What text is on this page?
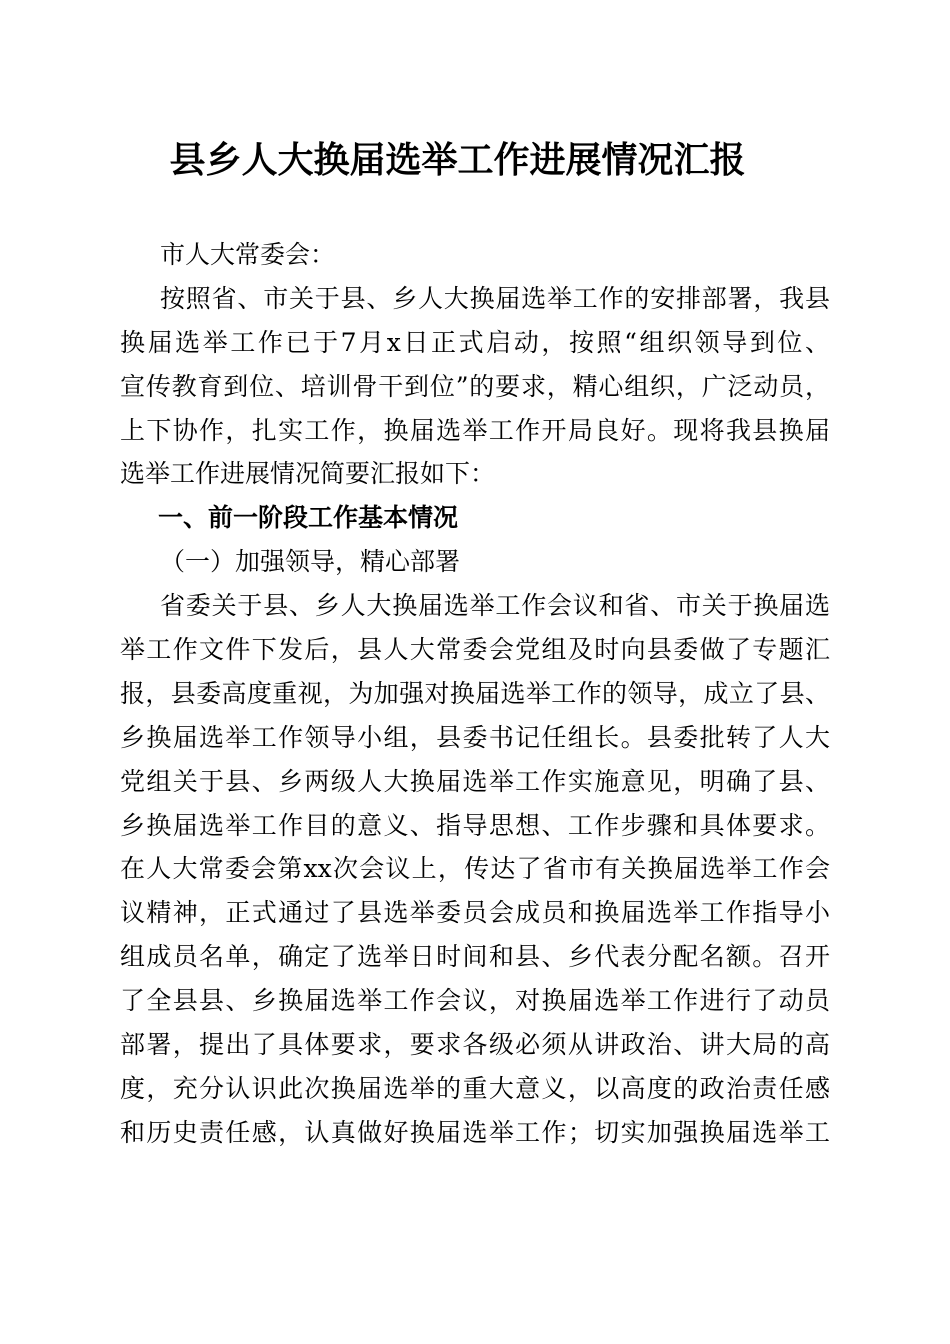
县乡人大换届选举工作进展情况汇报
市人大常委会：
按照省、市关于县、乡人大换届选举工作的安排部署，我县
换届选举工作已于7月x日正式启动，按照“组织领导到位、
宣传教育到位、培训骨干到位”的要求，精心组织，广泛动员，
上下协作，扎实工作，换届选举工作开局良好。现将我县换届
选举工作进展情况简要汇报如下：
一、前一阶段工作基本情况
（一）加强领导，精心部署
省委关于县、乡人大换届选举工作会议和省、市关于换届选
举工作文件下发后，县人大常委会党组及时向县委做了专题汇
报，县委高度重视，为加强对换届选举工作的领导，成立了县、
乡换届选举工作领导小组，县委书记任组长。县委批转了人大
党组关于县、乡两级人大换届选举工作实施意见，明确了县、
乡换届选举工作目的意义、指导思想、工作步骤和具体要求。
在人大常委会第xx次会议上，传达了省市有关换届选举工作会
议精神，正式通过了县选举委员会成员和换届选举工作指导小
组成员名单，确定了选举日时间和县、乡代表分配名额。召开
了全县县、乡换届选举工作会议，对换届选举工作进行了动员
部署，提出了具体要求，要求各级必须从讲政治、讲大局的高
度，充分认识此次换届选举的重大意义，以高度的政治责任感
和历史责任感，认真做好换届选举工作；切实加强换届选举工
